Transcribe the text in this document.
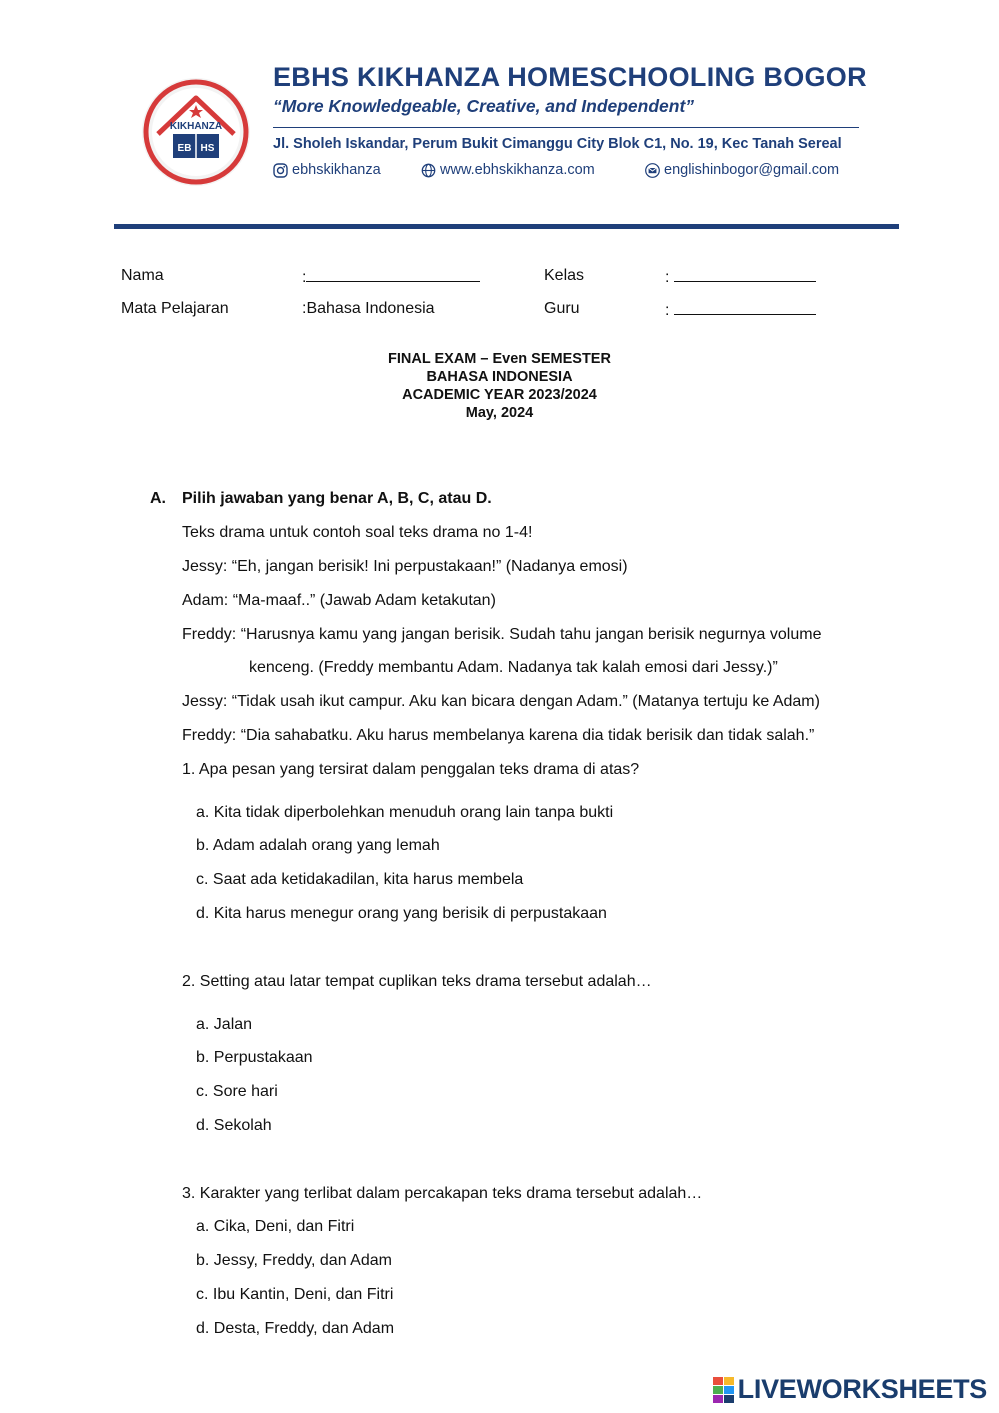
KIKHANZA
EB HS
EBHS KIKHANZA HOMESCHOOLING BOGOR
“More Knowledgeable, Creative, and Independent”
Jl. Sholeh Iskandar, Perum Bukit Cimanggu City Blok C1, No. 19, Kec Tanah Sereal
ebhskikhanza	www.ebhskikhanza.com	englishinbogor@gmail.com
Nama	:	Kelas	:
Mata Pelajaran	:Bahasa Indonesia	Guru	:
FINAL EXAM – Even SEMESTER
BAHASA INDONESIA
ACADEMIC YEAR 2023/2024
May, 2024
A. Pilih jawaban yang benar A, B, C, atau D.
Teks drama untuk contoh soal teks drama no 1-4!
Jessy: “Eh, jangan berisik! Ini perpustakaan!” (Nadanya emosi)
Adam: “Ma-maaf..” (Jawab Adam ketakutan)
Freddy: “Harusnya kamu yang jangan berisik. Sudah tahu jangan berisik negurnya volume
kenceng. (Freddy membantu Adam. Nadanya tak kalah emosi dari Jessy.)”
Jessy: “Tidak usah ikut campur. Aku kan bicara dengan Adam.” (Matanya tertuju ke Adam)
Freddy: “Dia sahabatku. Aku harus membelanya karena dia tidak berisik dan tidak salah.”
1. Apa pesan yang tersirat dalam penggalan teks drama di atas?
a. Kita tidak diperbolehkan menuduh orang lain tanpa bukti
b. Adam adalah orang yang lemah
c. Saat ada ketidakadilan, kita harus membela
d. Kita harus menegur orang yang berisik di perpustakaan
2. Setting atau latar tempat cuplikan teks drama tersebut adalah…
a. Jalan
b. Perpustakaan
c. Sore hari
d. Sekolah
3. Karakter yang terlibat dalam percakapan teks drama tersebut adalah…
a. Cika, Deni, dan Fitri
b. Jessy, Freddy, dan Adam
c. Ibu Kantin, Deni, dan Fitri
d. Desta, Freddy, dan Adam
LIVEWORKSHEETS
